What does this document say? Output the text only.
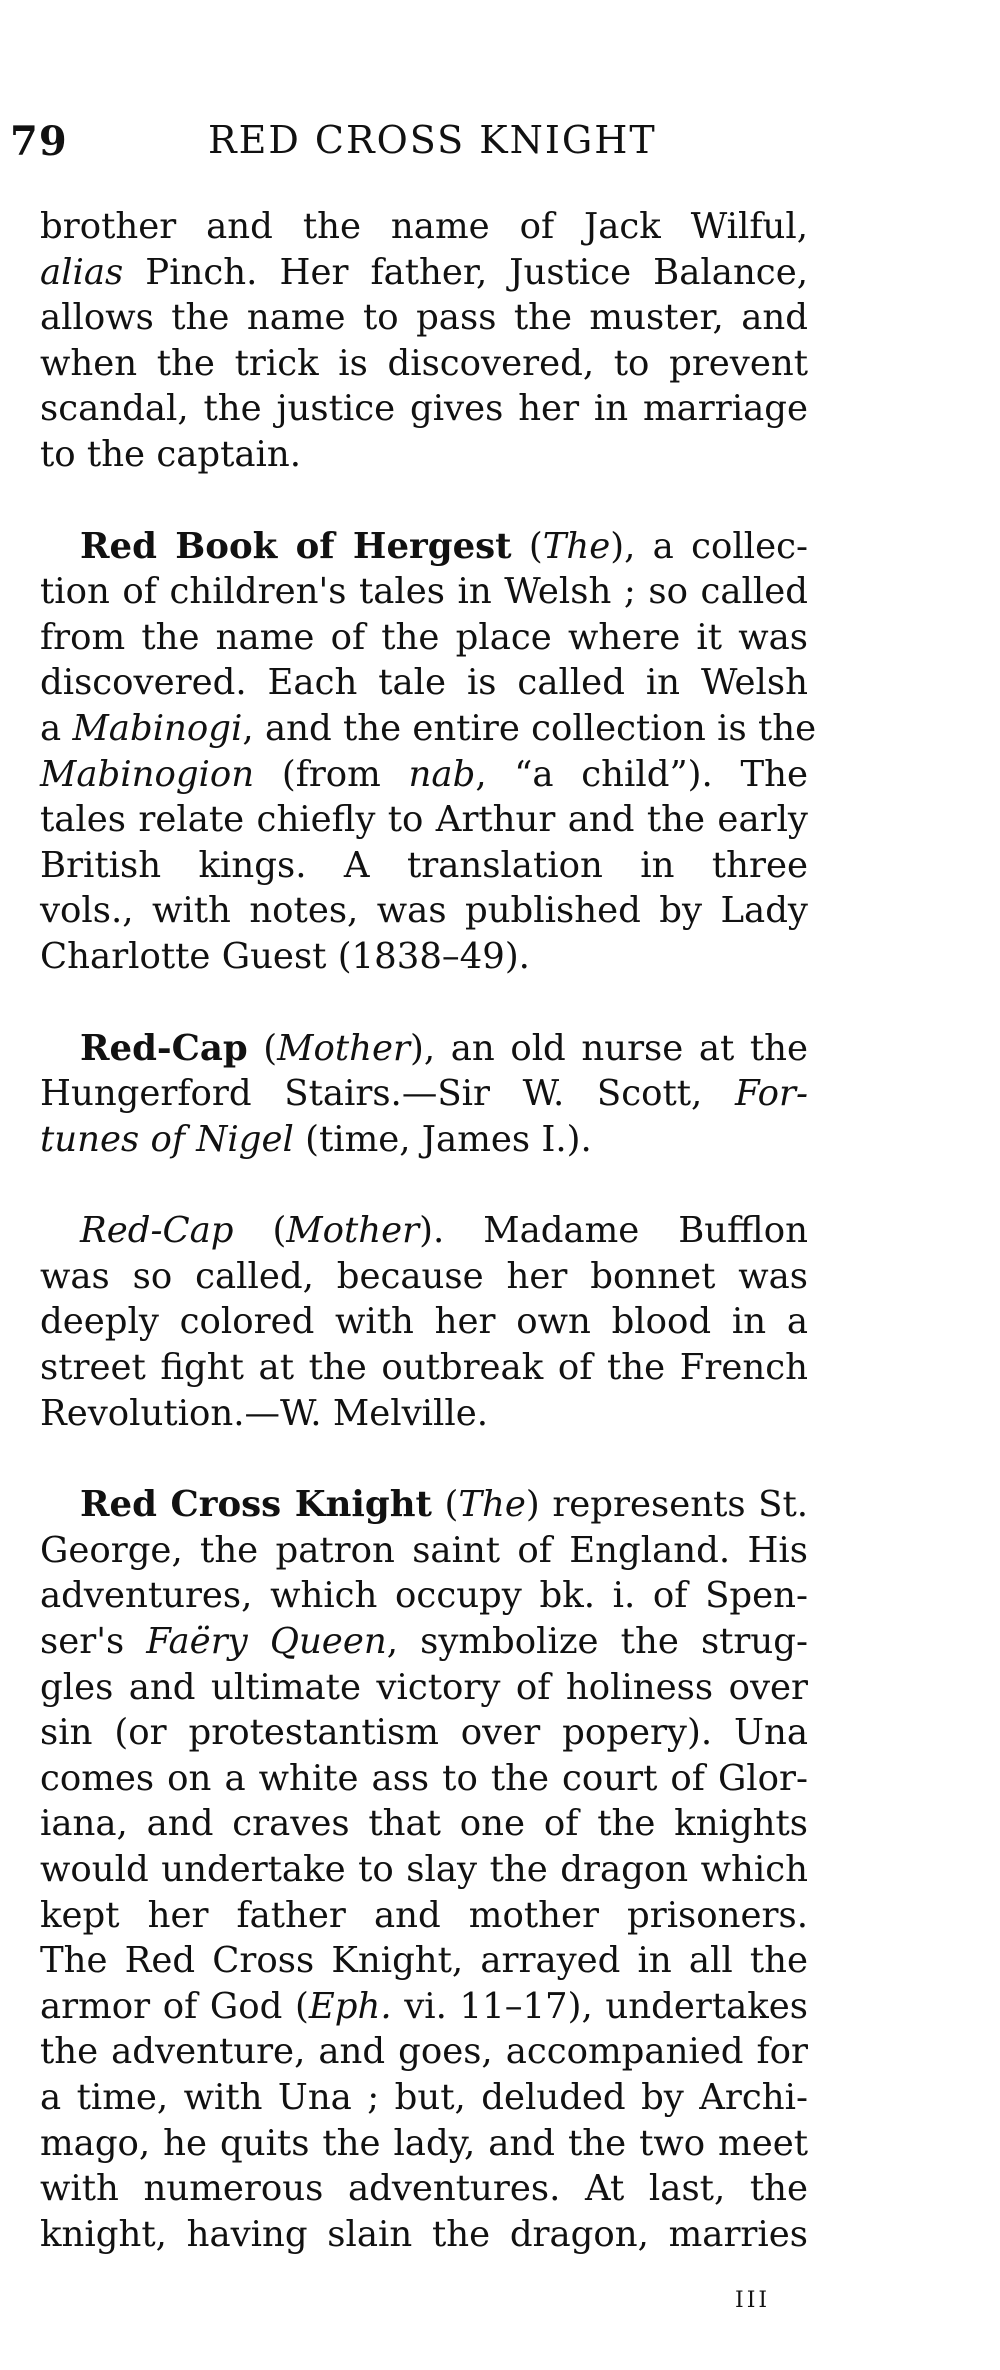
79	RED CROSS KNIGHT
brother and the name of Jack Wilful,
alias Pinch. Her father, Justice Balance,
allows the name to pass the muster, and
when the trick is discovered, to prevent
scandal, the justice gives her in marriage
to the captain.
Red Book of Hergest (The), a collec-
tion of children's tales in Welsh ; so called
from the name of the place where it was
discovered. Each tale is called in Welsh
a Mabinogi, and the entire collection is the
Mabinogion (from nab, “a child”). The
tales relate chiefly to Arthur and the early
British kings. A translation in three
vols., with notes, was published by Lady
Charlotte Guest (1838–49).
Red-Cap (Mother), an old nurse at the
Hungerford Stairs.—Sir W. Scott, For-
tunes of Nigel (time, James I.).
Red-Cap (Mother). Madame Bufflon
was so called, because her bonnet was
deeply colored with her own blood in a
street fight at the outbreak of the French
Revolution.—W. Melville.
Red Cross Knight (The) represents St.
George, the patron saint of England. His
adventures, which occupy bk. i. of Spen-
ser's Faëry Queen, symbolize the strug-
gles and ultimate victory of holiness over
sin (or protestantism over popery). Una
comes on a white ass to the court of Glor-
iana, and craves that one of the knights
would undertake to slay the dragon which
kept her father and mother prisoners.
The Red Cross Knight, arrayed in all the
armor of God (Eph. vi. 11–17), undertakes
the adventure, and goes, accompanied for
a time, with Una ; but, deluded by Archi-
mago, he quits the lady, and the two meet
with numerous adventures. At last, the
knight, having slain the dragon, marries
III
